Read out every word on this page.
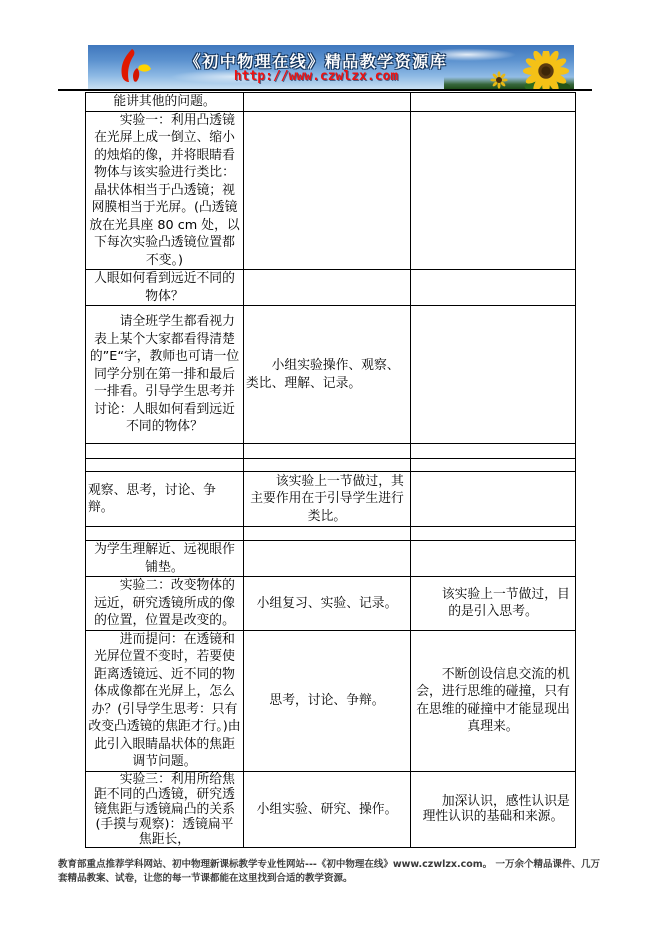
《初中物理在线》精品教学资源库
http://www.czwlzx.com
能讲其他的问题。		
实验一：利用凸透镜在光屏上成一倒立、缩小的烛焰的像，并将眼睛看物体与该实验进行类比：晶状体相当于凸透镜；视网膜相当于光屏。(凸透镜放在光具座 80 cm 处，以下每次实验凸透镜位置都不变。)		
人眼如何看到远近不同的物体？		
请全班学生都看视力表上某个大家都看得清楚的”E“字，教师也可请一位同学分别在第一排和最后一排看。引导学生思考并讨论：人眼如何看到远近不同的物体？	小组实验操作、观察、类比、理解、记录。	

观察、思考，讨论、争辩。	该实验上一节做过，其主要作用在于引导学生进行类比。	

为学生理解近、远视眼作铺垫。		
实验二：改变物体的远近，研究透镜所成的像的位置，位置是改变的。	小组复习、实验、记录。	该实验上一节做过，目的是引入思考。
进而提问：在透镜和光屏位置不变时，若要使距离透镜远、近不同的物体成像都在光屏上，怎么办？(引导学生思考：只有改变凸透镜的焦距才行。)由此引入眼睛晶状体的焦距调节问题。	思考，讨论、争辩。	不断创设信息交流的机会，进行思维的碰撞，只有在思维的碰撞中才能显现出真理来。
实验三：利用所给焦距不同的凸透镜，研究透镜焦距与透镜扁凸的关系(手摸与观察)：透镜扁平 焦距长，	小组实验、研究、操作。	加深认识，感性认识是理性认识的基础和来源。
教育部重点推荐学科网站、初中物理新课标教学专业性网站---《初中物理在线》www.czwlzx.com。 一万余个精品课件、几万套精品教案、试卷，让您的每一节课都能在这里找到合适的教学资源。
